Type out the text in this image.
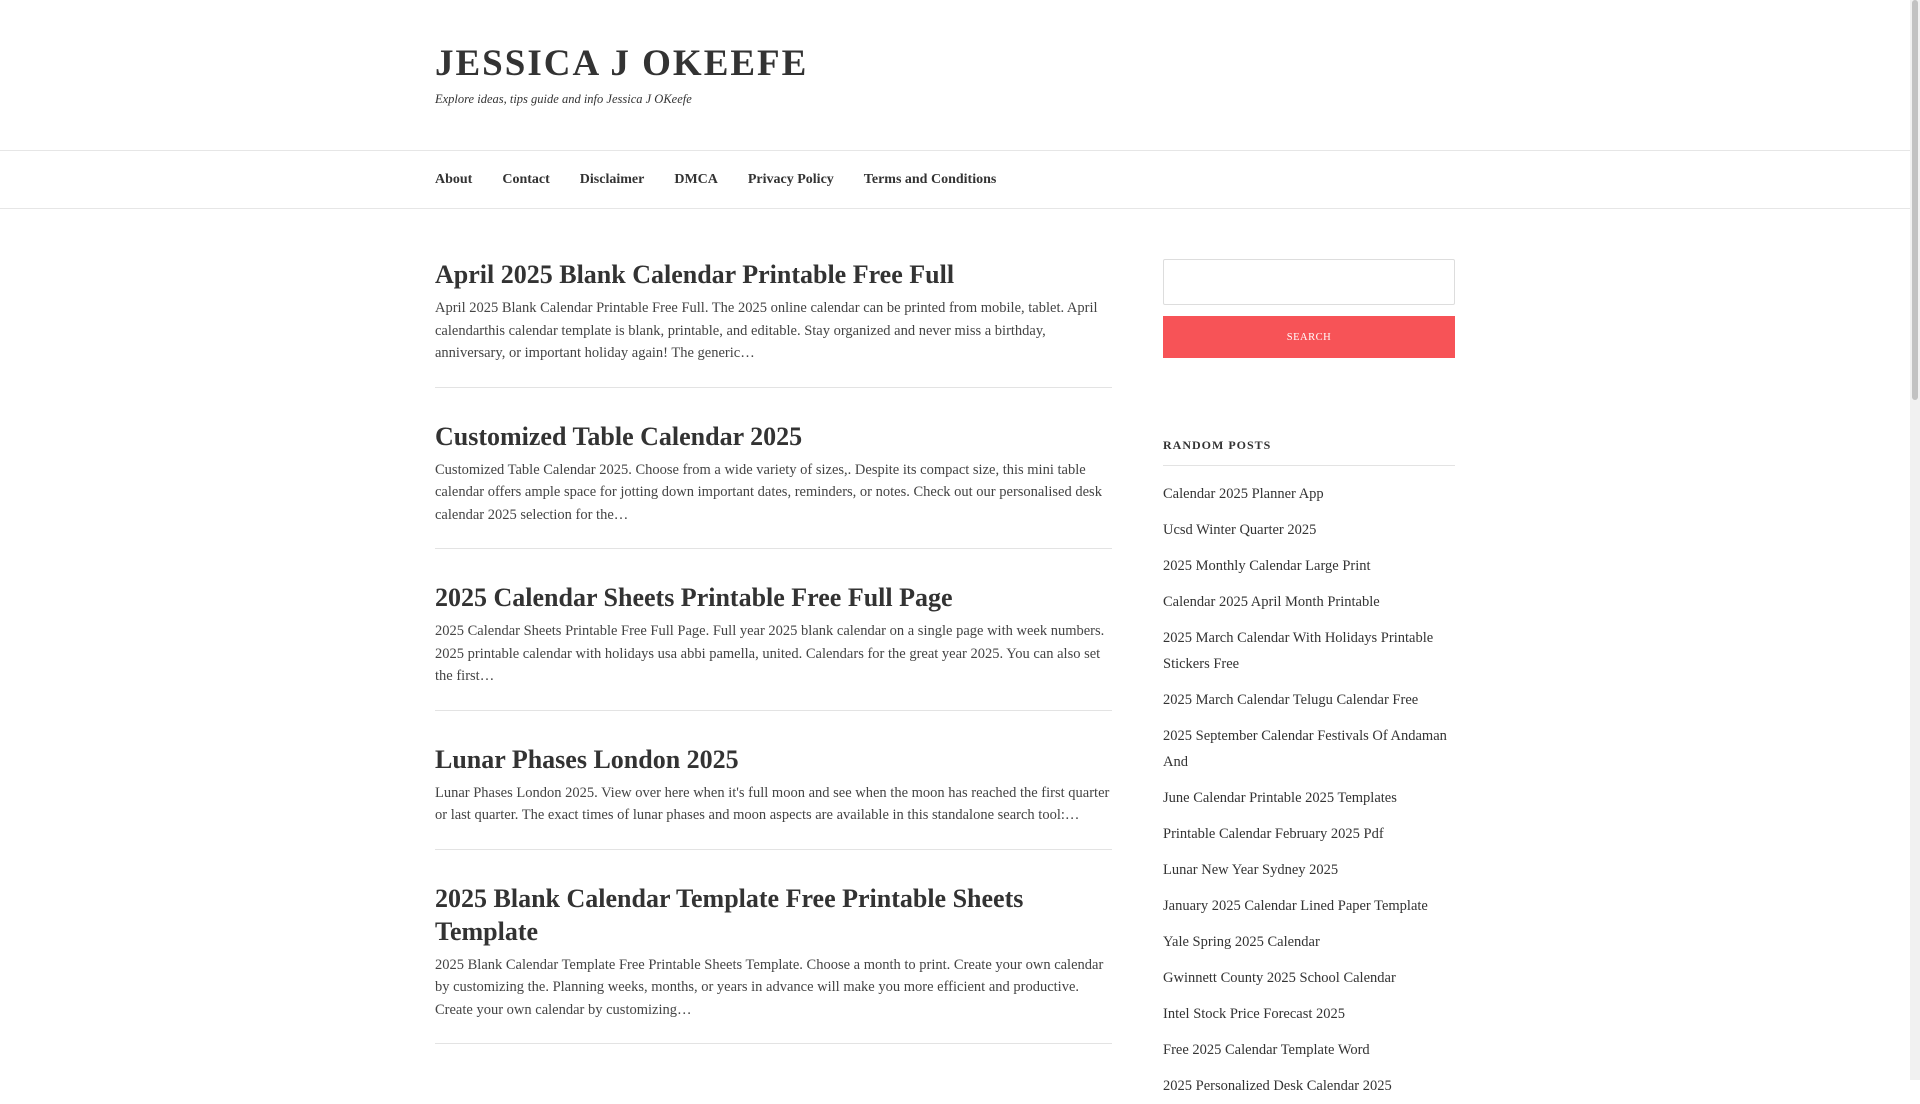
JESSICA J OKEEFE
Explore ideas, tips guide and info Jessica J OKeefe
About Contact Disclaimer DMCA Privacy Policy Terms and Conditions
April 2025 Blank Calendar Printable Free Full

April 2025 Blank Calendar Printable Free Full. The 2025 online calendar can be printed from mobile, tablet. April calendarthis calendar template is blank, printable, and editable. Stay organized and never miss a birthday, anniversary, or important holiday again! The generic…

Customized Table Calendar 2025

Customized Table Calendar 2025. Choose from a wide variety of sizes,. Despite its compact size, this mini table calendar offers ample space for jotting down important dates, reminders, or notes. Check out our personalised desk calendar 2025 selection for the…

2025 Calendar Sheets Printable Free Full Page

2025 Calendar Sheets Printable Free Full Page. Full year 2025 blank calendar on a single page with week numbers. 2025 printable calendar with holidays usa abbi pamella, united. Calendars for the great year 2025. You can also set the first…

Lunar Phases London 2025

Lunar Phases London 2025. View over here when it's full moon and see when the moon has reached the first quarter or last quarter. The exact times of lunar phases and moon aspects are available in this standalone search tool:…

2025 Blank Calendar Template Free Printable Sheets Template

2025 Blank Calendar Template Free Printable Sheets Template. Choose a month to print. Create your own calendar by customizing the. Planning weeks, months, or years in advance will make you more efficient and productive. Create your own calendar by customizing…

SEARCH
RANDOM POSTS
Calendar 2025 Planner App
Ucsd Winter Quarter 2025
2025 Monthly Calendar Large Print
Calendar 2025 April Month Printable
2025 March Calendar With Holidays Printable Stickers Free
2025 March Calendar Telugu Calendar Free
2025 September Calendar Festivals Of Andaman And
June Calendar Printable 2025 Templates
Printable Calendar February 2025 Pdf
Lunar New Year Sydney 2025
January 2025 Calendar Lined Paper Template
Yale Spring 2025 Calendar
Gwinnett County 2025 School Calendar
Intel Stock Price Forecast 2025
Free 2025 Calendar Template Word
2025 Personalized Desk Calendar 2025
